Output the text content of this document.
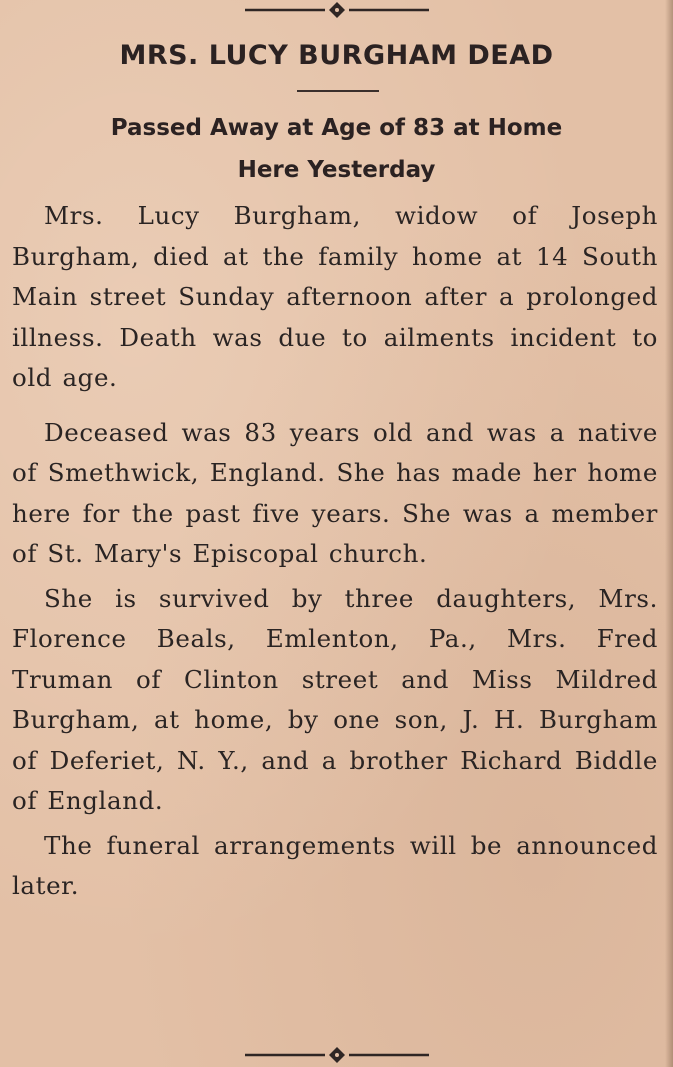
MRS. LUCY BURGHAM DEAD
Passed Away at Age of 83 at Home
Here Yesterday

Mrs. Lucy Burgham, widow of Joseph Burgham, died at the family home at 14 South Main street Sunday afternoon after a prolonged illness. Death was due to ailments incident to old age.

Deceased was 83 years old and was a native of Smethwick, England. She has made her home here for the past five years. She was a member of St. Mary's Episcopal church.

She is survived by three daughters, Mrs. Florence Beals, Emlenton, Pa., Mrs. Fred Truman of Clinton street and Miss Mildred Burgham, at home, by one son, J. H. Burgham of Deferiet, N. Y., and a brother Richard Biddle of England.

The funeral arrangements will be announced later.
